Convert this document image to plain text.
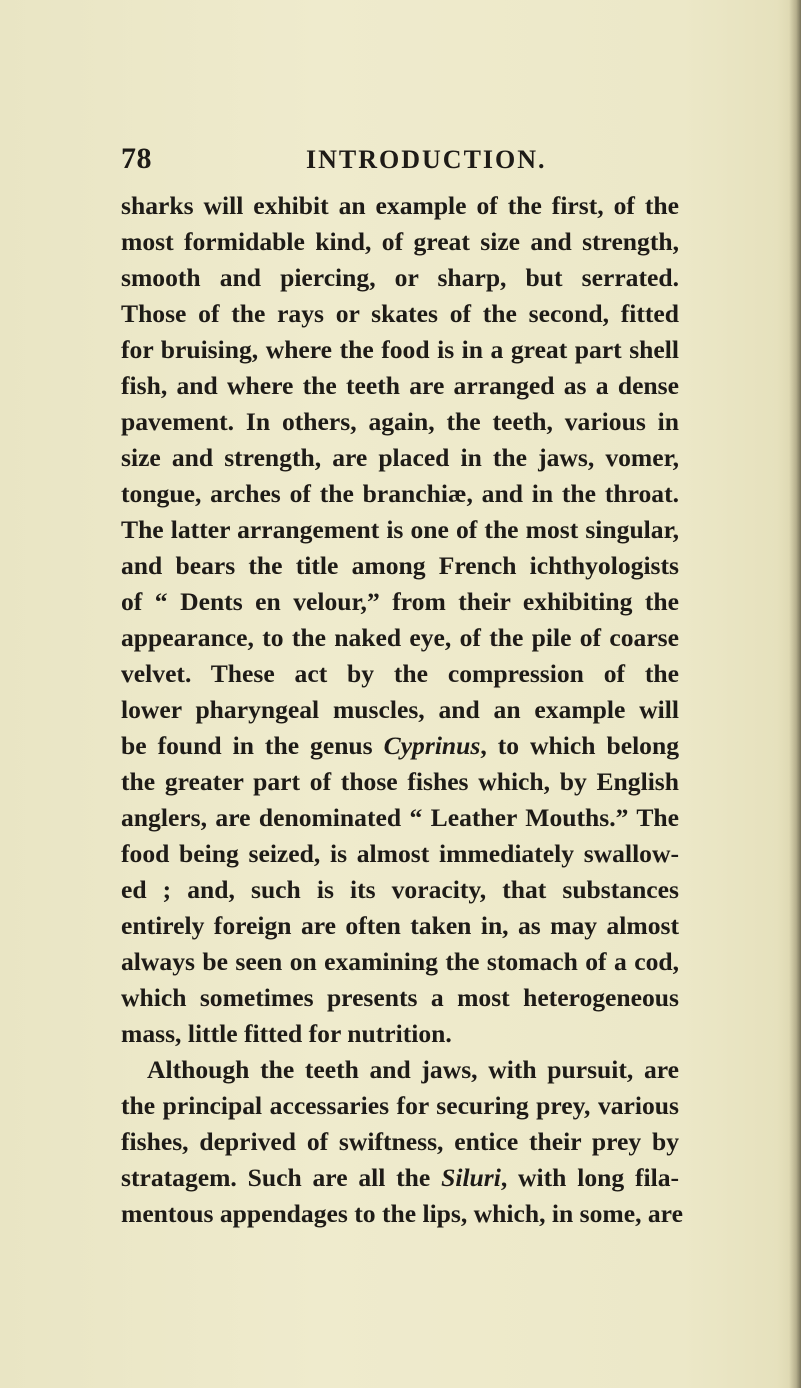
78	INTRODUCTION.
sharks will exhibit an example of the first, of the
most formidable kind, of great size and strength,
smooth and piercing, or sharp, but serrated.
Those of the rays or skates of the second, fitted
for bruising, where the food is in a great part shell
fish, and where the teeth are arranged as a dense
pavement. In others, again, the teeth, various in
size and strength, are placed in the jaws, vomer,
tongue, arches of the branchiæ, and in the throat.
The latter arrangement is one of the most singular,
and bears the title among French ichthyologists
of “ Dents en velour,” from their exhibiting the
appearance, to the naked eye, of the pile of coarse
velvet. These act by the compression of the
lower pharyngeal muscles, and an example will
be found in the genus Cyprinus, to which belong
the greater part of those fishes which, by English
anglers, are denominated “ Leather Mouths.” The
food being seized, is almost immediately swallow-
ed ; and, such is its voracity, that substances
entirely foreign are often taken in, as may almost
always be seen on examining the stomach of a cod,
which sometimes presents a most heterogeneous
mass, little fitted for nutrition.
Although the teeth and jaws, with pursuit, are
the principal accessaries for securing prey, various
fishes, deprived of swiftness, entice their prey by
stratagem. Such are all the Siluri, with long fila-
mentous appendages to the lips, which, in some, are
